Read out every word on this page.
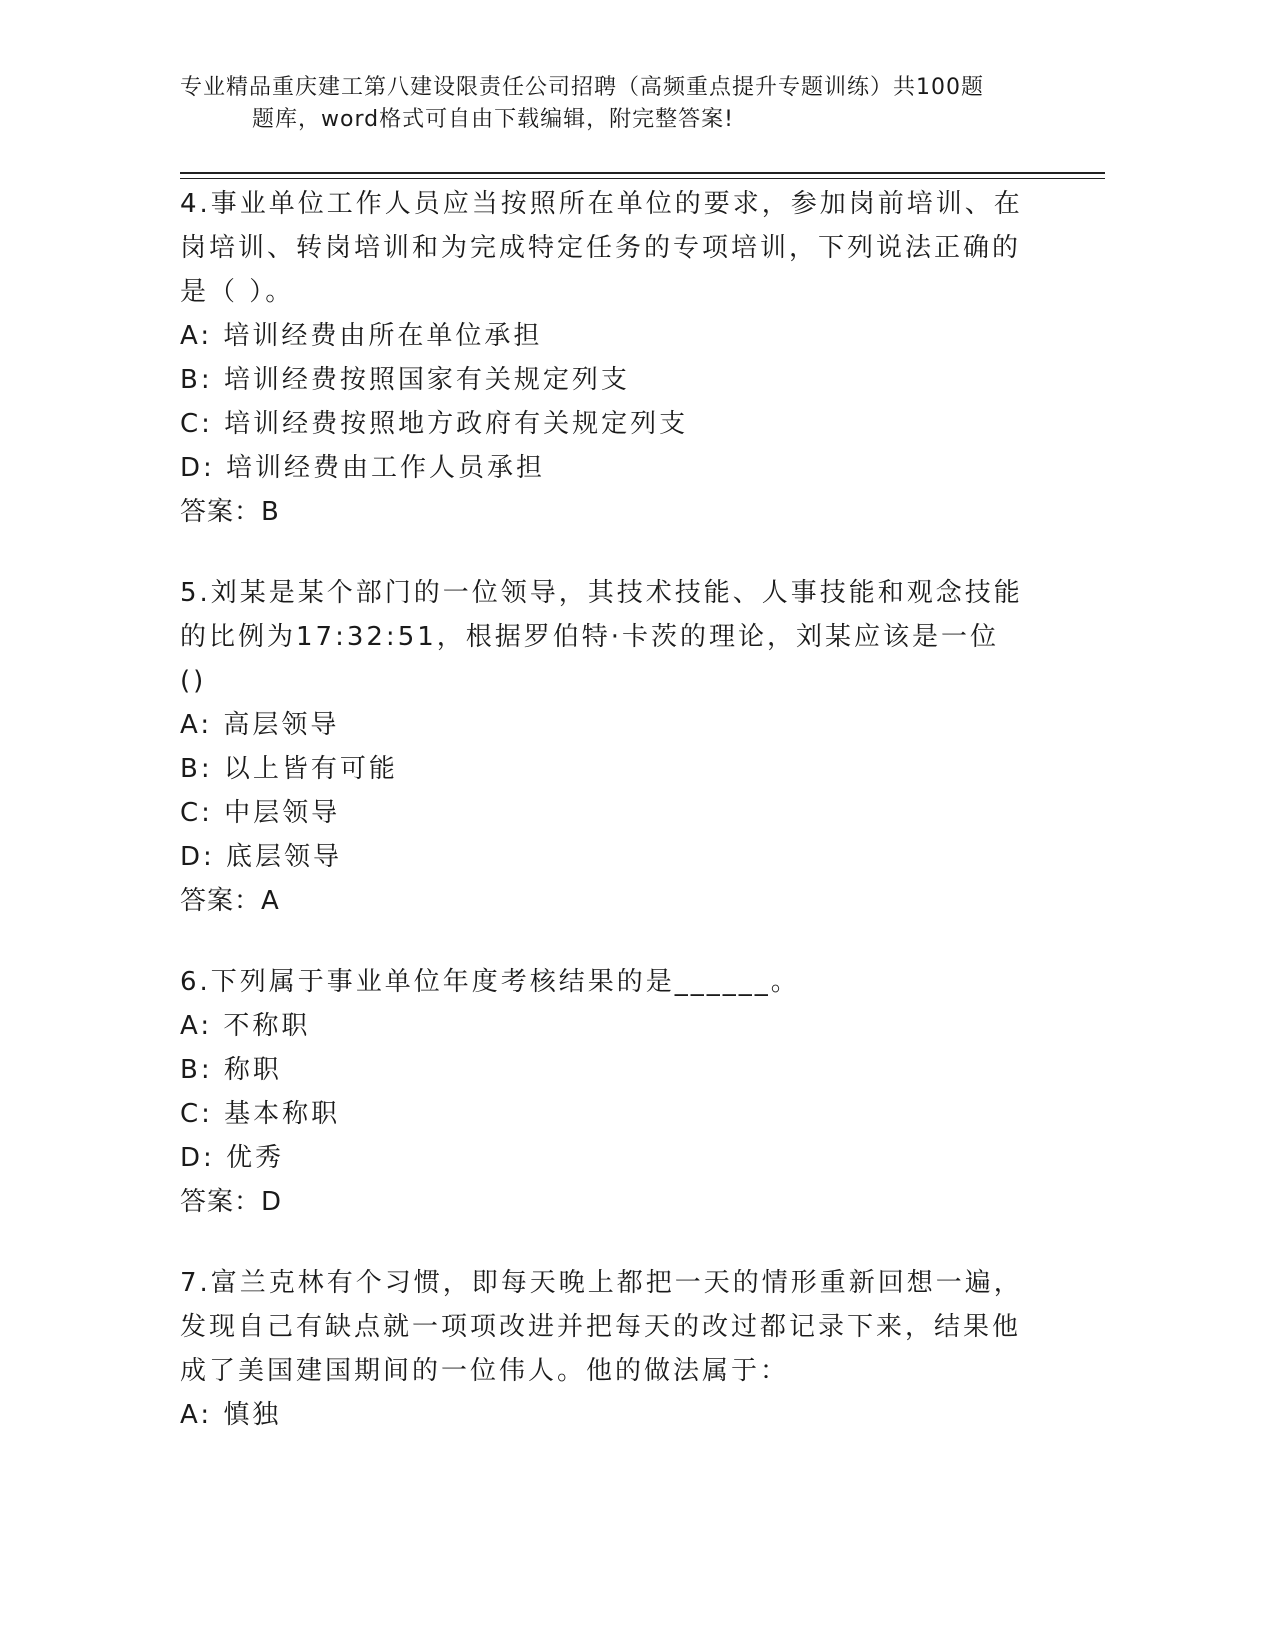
专业精品重庆建工第八建设限责任公司招聘（高频重点提升专题训练）共100题
题库，word格式可自由下载编辑，附完整答案!

4.事业单位工作人员应当按照所在单位的要求，参加岗前培训、在岗培训、转岗培训和为完成特定任务的专项培训，下列说法正确的是（ ）。

A: 培训经费由所在单位承担

B: 培训经费按照国家有关规定列支

C: 培训经费按照地方政府有关规定列支

D: 培训经费由工作人员承担

答案：B

5.刘某是某个部门的一位领导，其技术技能、人事技能和观念技能的比例为17:32:51，根据罗伯特·卡茨的理论，刘某应该是一位()

A: 高层领导

B: 以上皆有可能

C: 中层领导

D: 底层领导

答案：A

6.下列属于事业单位年度考核结果的是______。

A: 不称职

B: 称职

C: 基本称职

D: 优秀

答案：D

7.富兰克林有个习惯，即每天晚上都把一天的情形重新回想一遍，发现自己有缺点就一项项改进并把每天的改过都记录下来，结果他成了美国建国期间的一位伟人。他的做法属于：

A: 慎独
